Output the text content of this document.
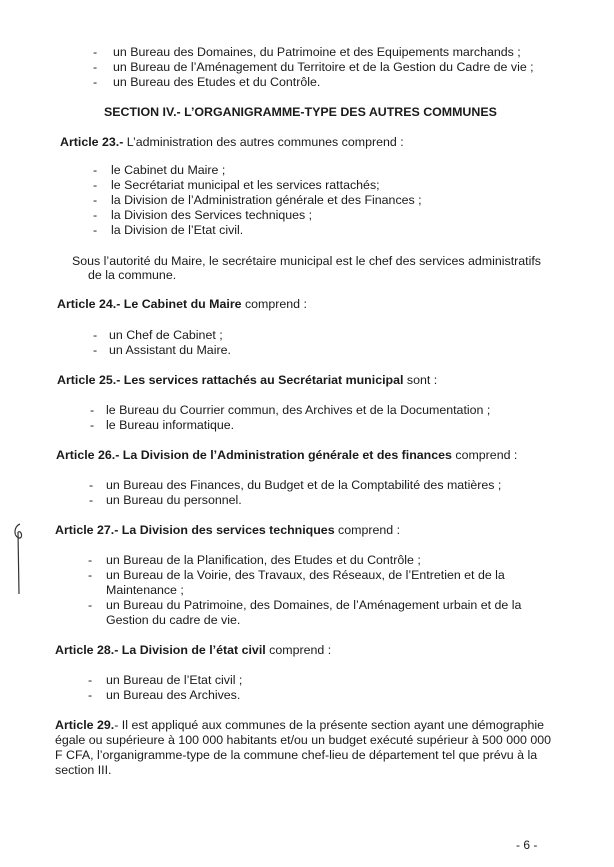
- un Bureau des Domaines, du Patrimoine et des Equipements marchands ;
- un Bureau de l’Aménagement du Territoire et de la Gestion du Cadre de vie ;
- un Bureau des Etudes et du Contrôle.
SECTION IV.- L’ORGANIGRAMME-TYPE DES AUTRES COMMUNES
Article 23.- L’administration des autres communes comprend :
- le Cabinet du Maire ;
- le Secrétariat municipal et les services rattachés;
- la Division de l’Administration générale et des Finances ;
- la Division des Services techniques ;
- la Division de l’Etat civil.
Sous l’autorité du Maire, le secrétaire municipal est le chef des services administratifs
de la commune.
Article 24.- Le Cabinet du Maire comprend :
- un Chef de Cabinet ;
- un Assistant du Maire.
Article 25.- Les services rattachés au Secrétariat municipal sont :
- le Bureau du Courrier commun, des Archives et de la Documentation ;
- le Bureau informatique.
Article 26.- La Division de l’Administration générale et des finances comprend :
- un Bureau des Finances, du Budget et de la Comptabilité des matières ;
- un Bureau du personnel.
Article 27.- La Division des services techniques comprend :
- un Bureau de la Planification, des Etudes et du Contrôle ;
- un Bureau de la Voirie, des Travaux, des Réseaux, de l’Entretien et de la
Maintenance ;
- un Bureau du Patrimoine, des Domaines, de l’Aménagement urbain et de la
Gestion du cadre de vie.
Article 28.- La Division de l’état civil comprend :
- un Bureau de l’Etat civil ;
- un Bureau des Archives.
Article 29.- Il est appliqué aux communes de la présente section ayant une démographie
égale ou supérieure à 100 000 habitants et/ou un budget exécuté supérieur à 500 000 000
F CFA, l’organigramme-type de la commune chef-lieu de département tel que prévu à la
section III.
- 6 -
